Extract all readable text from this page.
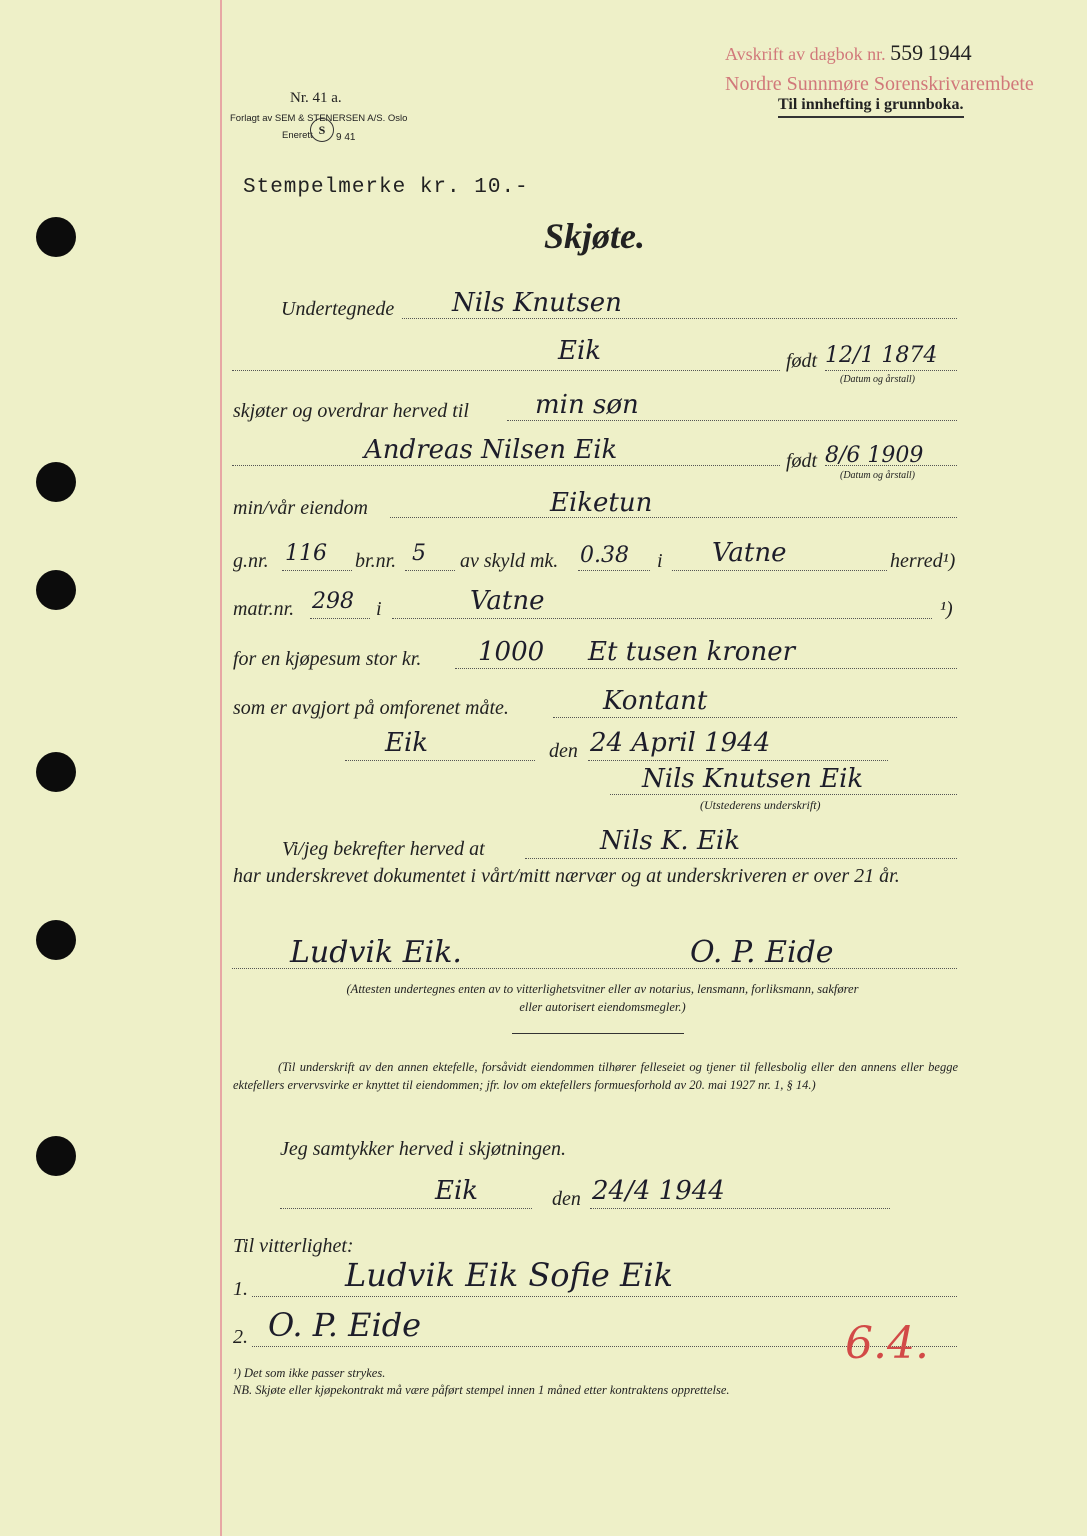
Avskrift av dagbok nr. 559 1944
Nordre Sunnmøre Sorenskrivarembete
Til innhefting i grunnboka.
Nr. 41 a.
Forlagt av SEM & STENERSEN A/S. Oslo
Enerett S
9 41
Stempelmerke kr. 10.-
Skjøte.
Undertegnede Nils Knutsen
Eik	født 12/1 1874
(Datum og årstall)
skjøter og overdrar herved til	min søn
Andreas Nilsen Eik	født 8/6 1909
(Datum og årstall)
min/vår eiendom	Eiketun
g.nr. 116 br.nr. 5 av skyld mk. 0.38 i Vatne	herred¹)
matr.nr. 298 i	Vatne	¹)
for en kjøpesum stor kr. 1000 Et tusen kroner
som er avgjort på omforenet måte.	Kontant
Eik	den 24 April 1944
Nils Knutsen Eik
(Utstederens underskrift)
Vi/jeg bekrefter herved at	Nils K. Eik
har underskrevet dokumentet i vårt/mitt nærvær og at underskriveren er over 21 år.
Ludvik Eik.	O. P. Eide
(Attesten undertegnes enten av to vitterlighetsvitner eller av notarius, lensmann, forliksmann, sakfører eller autorisert eiendomsmegler.)
(Til underskrift av den annen ektefelle, forsåvidt eiendommen tilhører felleseiet og tjener til fellesbolig eller den annens eller begge ektefellers ervervsvirke er knyttet til eiendommen; jfr. lov om ektefellers formuesforhold av 20. mai 1927 nr. 1, § 14.)
Jeg samtykker herved i skjøtningen.
Eik	den 24/4 1944
Til vitterlighet:
1.	Ludvik Eik Sofie Eik
2. O. P. Eide	6.4.
¹) Det som ikke passer strykes.
NB. Skjøte eller kjøpekontrakt må være påført stempel innen 1 måned etter kontraktens opprettelse.
